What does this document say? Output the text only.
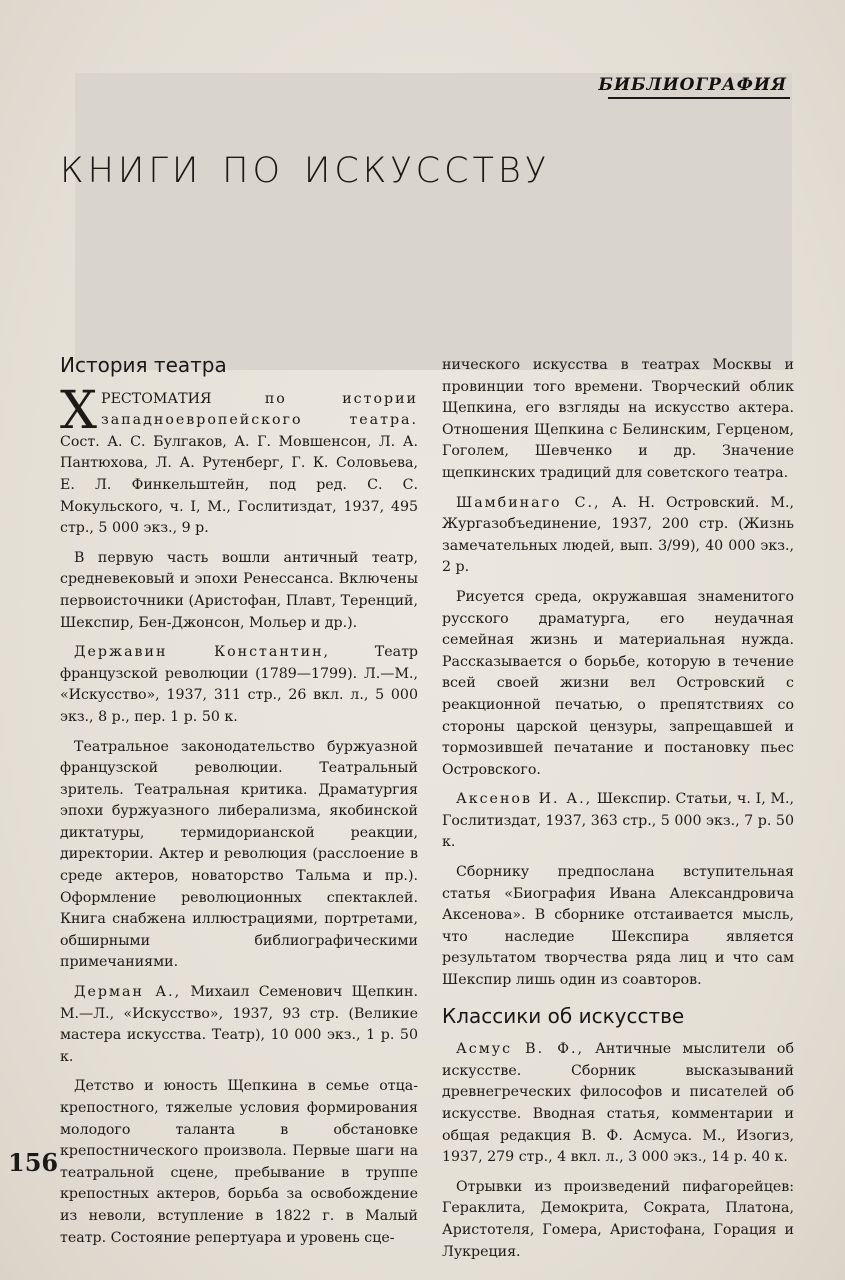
БИБЛИОГРАФИЯ
книги по искусству
История театра

ХРЕСТОМАТИЯ	по истории западноевропейского театра. Сост. А. С. Булгаков, А. Г. Мовшенсон, Л. А. Пантюхова, Л. А. Рутенберг, Г. К. Соловьева, Е. Л. Финкельштейн, под ред. С. С. Мокульского, ч. I, М., Гослитиздат, 1937, 495 стр., 5 000 экз., 9 р.

В первую часть вошли античный театр, средневековый и эпохи Ренессанса. Включены первоисточники (Аристофан, Плавт, Теренций, Шекспир, Бен-Джонсон, Мольер и др.).

Державин Константин,	Театр французской революции (1789—1799). Л.—М., «Искусство», 1937, 311 стр., 26 вкл. л., 5 000 экз., 8 р., пер. 1 р. 50 к.

Театральное законодательство буржуазной французской революции. Театральный зритель. Театральная критика. Драматургия эпохи буржуазного либерализма, якобинской диктатуры, термидорианской реакции, директории. Актер и революция (расслоение в среде актеров, новаторство Тальма и пр.). Оформление революционных спектаклей. Книга снабжена иллюстрациями, портретами, обширными библиографическими примечаниями.

Дерман А., Михаил Семенович Щепкин. М.—Л., «Искусство», 1937, 93 стр. (Великие мастера искусства. Театр), 10 000 экз., 1 р. 50 к.

Детство и юность Щепкина в семье отца-крепостного, тяжелые условия формирования молодого таланта в обстановке крепостнического произвола. Первые шаги на театральной сцене, пребывание в труппе крепостных актеров, борьба за освобождение из неволи, вступление в 1822 г. в Малый театр. Состояние репертуара и уровень сце-

нического искусства в театрах Москвы и провинции того времени. Творческий облик Щепкина, его взгляды на искусство актера. Отношения Щепкина с Белинским, Герценом, Гоголем, Шевченко и др. Значение щепкинских традиций для советского театра.

Шамбинаго С., А. Н. Островский. М., Жургазобъединение, 1937, 200 стр. (Жизнь замечательных людей, вып. 3/99), 40 000 экз., 2 р.

Рисуется среда, окружавшая знаменитого русского драматурга, его неудачная семейная жизнь и материальная нужда. Рассказывается о борьбе, которую в течение всей своей жизни вел Островский с реакционной печатью, о препятствиях со стороны царской цензуры, запрещавшей и тормозившей печатание и постановку пьес Островского.

Аксенов И. А., Шекспир. Статьи, ч. I, М., Гослитиздат, 1937, 363 стр., 5 000 экз., 7 р. 50 к.

Сборнику предпослана вступительная статья «Биография Ивана Александровича Аксенова». В сборнике отстаивается мысль, что наследие Шекспира является результатом творчества ряда лиц и что сам Шекспир лишь один из соавторов.

Классики об искусстве

Асмус В. Ф., Античные мыслители об искусстве. Сборник высказываний древнегреческих философов и писателей об искусстве. Вводная статья, комментарии и общая редакция В. Ф. Асмуса. М., Изогиз, 1937, 279 стр., 4 вкл. л., 3 000 экз., 14 р. 40 к.

Отрывки из произведений пифагорейцев: Гераклита, Демокрита, Сократа, Платона, Аристотеля, Гомера, Аристофана, Горация и Лукреция.

156
